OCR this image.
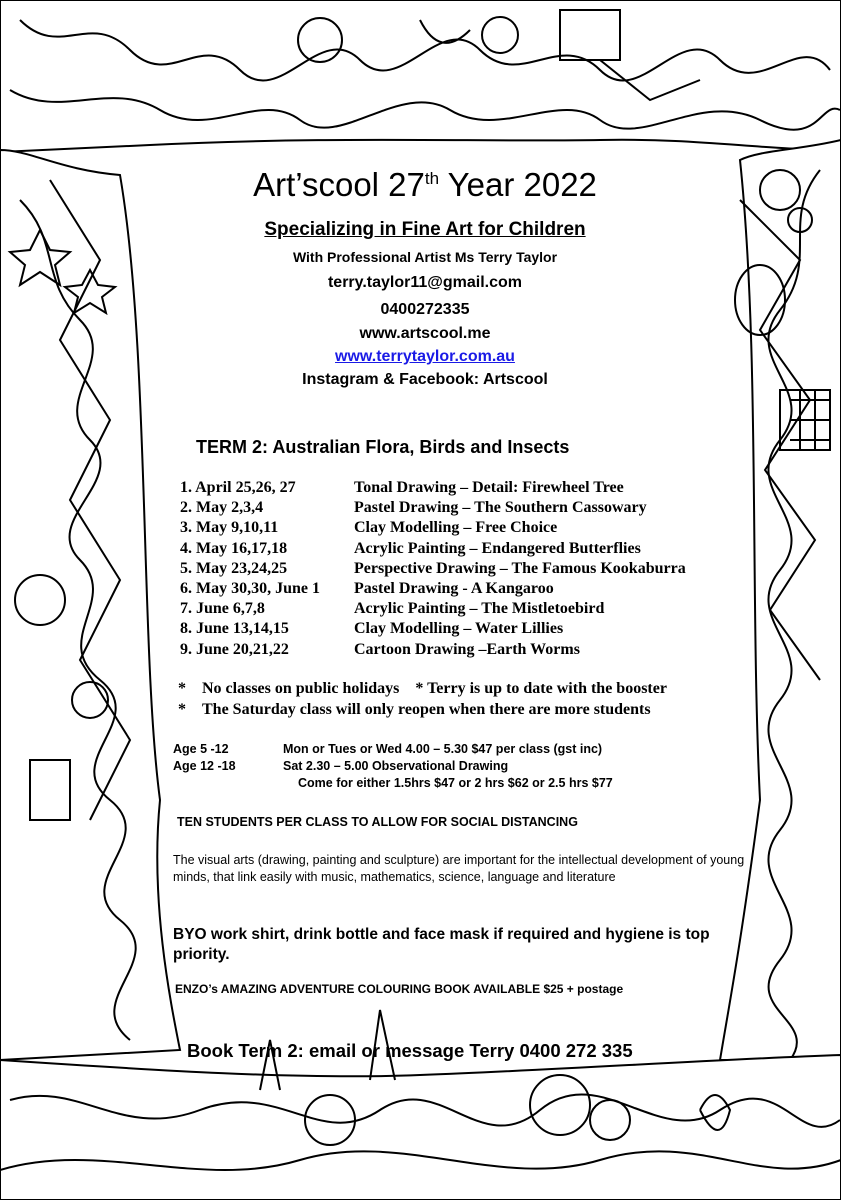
Art’scool 27th Year 2022
Specializing in Fine Art for Children
With Professional Artist Ms Terry Taylor
terry.taylor11@gmail.com
0400272335
www.artscool.me
www.terrytaylor.com.au
Instagram & Facebook: Artscool
TERM 2: Australian Flora, Birds and Insects
1. April 25,26, 27	Tonal Drawing – Detail: Firewheel Tree
2. May 2,3,4	Pastel Drawing – The Southern Cassowary
3. May 9,10,11	Clay Modelling – Free Choice
4. May 16,17,18	Acrylic Painting – Endangered Butterflies
5. May 23,24,25	Perspective Drawing – The Famous Kookaburra
6. May 30,30, June 1 Pastel Drawing - A Kangaroo
7. June 6,7,8	Acrylic Painting – The Mistletoebird
8. June 13,14,15	Clay Modelling – Water Lillies
9. June 20,21,22	Cartoon Drawing –Earth Worms
* No classes on public holidays * Terry is up to date with the booster
* The Saturday class will only reopen when there are more students
Age 5 -12	Mon or Tues or Wed 4.00 – 5.30 $47 per class (gst inc)
Age 12 -18	Sat 2.30 – 5.00 Observational Drawing
Come for either 1.5hrs $47 or 2 hrs $62 or 2.5 hrs $77
TEN STUDENTS PER CLASS TO ALLOW FOR SOCIAL DISTANCING
The visual arts (drawing, painting and sculpture) are important for the intellectual development of young minds, that link easily with music, mathematics, science, language and literature
BYO work shirt, drink bottle and face mask if required and hygiene is top priority.
ENZO’s AMAZING ADVENTURE COLOURING BOOK AVAILABLE $25 + postage
Book Term 2: email or message Terry 0400 272 335
